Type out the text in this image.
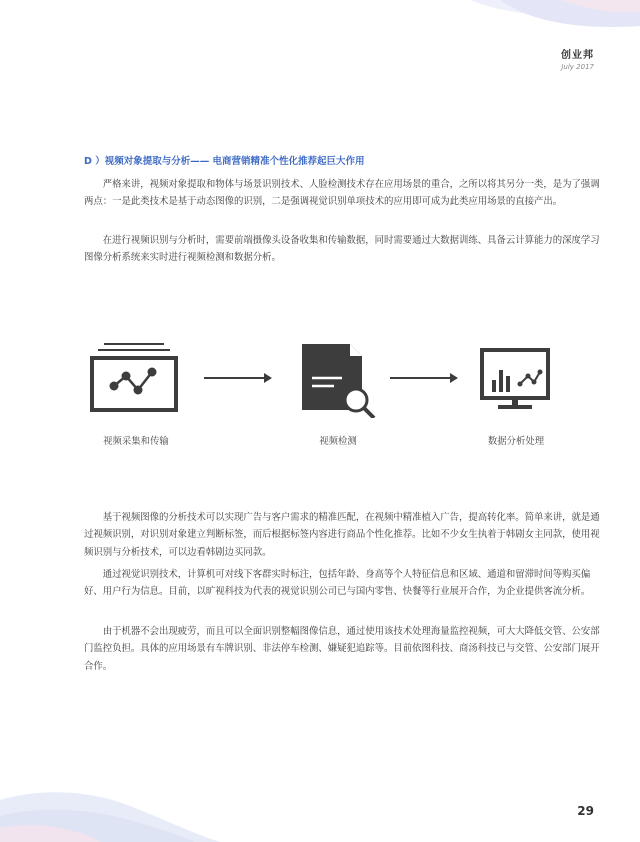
创业邦
July 2017
D ）视频对象提取与分析—— 电商营销精准个性化推荐起巨大作用

严格来讲，视频对象提取和物体与场景识别技术、人脸检测技术存在应用场景的重合，之所以将其另分一类，是为了强调两点：一是此类技术是基于动态图像的识别，二是强调视觉识别单项技术的应用即可成为此类应用场景的直接产出。

在进行视频识别与分析时，需要前端摄像头设备收集和传输数据，同时需要通过大数据训练、具备云计算能力的深度学习图像分析系统来实时进行视频检测和数据分析。

视频采集和传输	视频检测	数据分析处理

基于视频图像的分析技术可以实现广告与客户需求的精准匹配，在视频中精准植入广告，提高转化率。简单来讲，就是通过视频识别，对识别对象建立判断标签，而后根据标签内容进行商品个性化推荐。比如不少女生执着于韩剧女主同款，使用视频识别与分析技术，可以边看韩剧边买同款。

通过视觉识别技术，计算机可对线下客群实时标注，包括年龄、身高等个人特征信息和区域、通道和留滞时间等购买偏好、用户行为信息。目前，以旷视科技为代表的视觉识别公司已与国内零售、快餐等行业展开合作，为企业提供客流分析。

由于机器不会出现疲劳，而且可以全面识别整幅图像信息，通过使用该技术处理海量监控视频，可大大降低交管、公安部门监控负担。具体的应用场景有车牌识别、非法停车检测、嫌疑犯追踪等。目前依图科技、商汤科技已与交管、公安部门展开合作。

29
